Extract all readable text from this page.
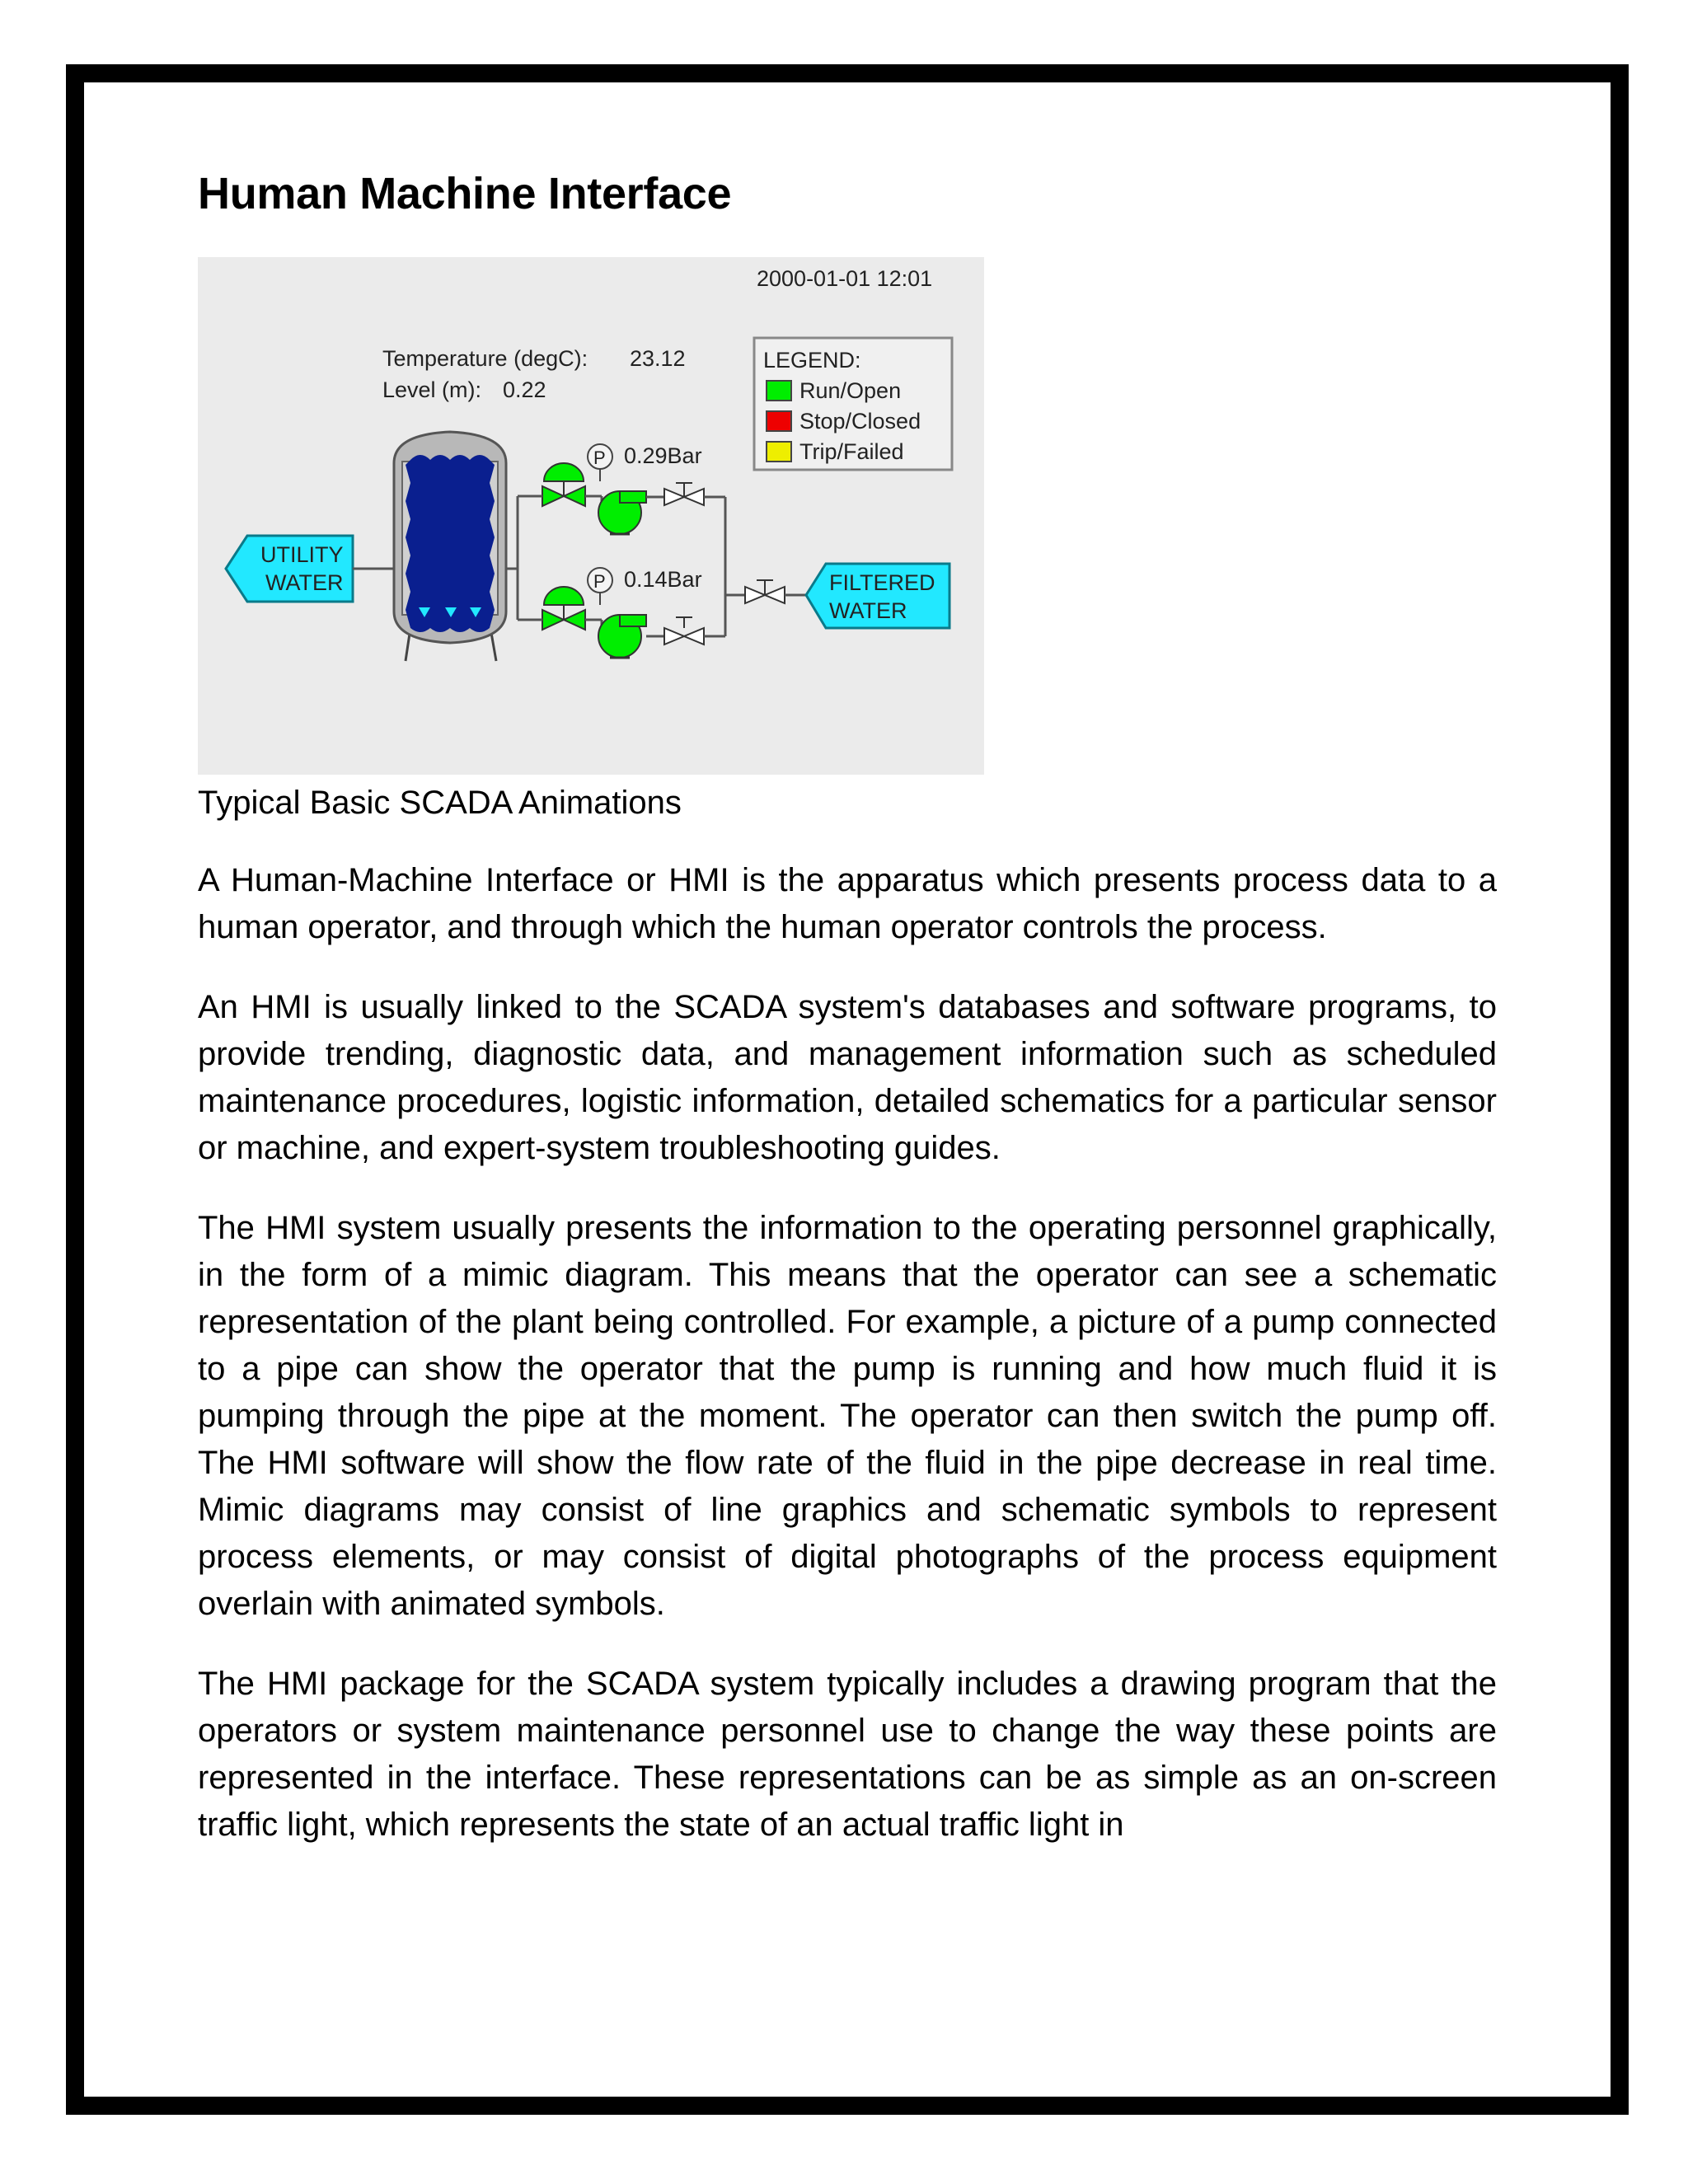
Human Machine Interface
2000-01-01 12:01
Temperature (degC): 23.12
Level (m): 0.22
LEGEND:
Run/Open
Stop/Closed
Trip/Failed
UTILITY
WATER
P 0.29Bar
P 0.14Bar	FILTERED
WATER
Typical Basic SCADA Animations

A Human-Machine Interface or HMI is the apparatus which presents process data to a human operator, and through which the human operator controls the process.

An HMI is usually linked to the SCADA system's databases and software programs, to provide trending, diagnostic data, and management information such as scheduled maintenance procedures, logistic information, detailed schematics for a particular sensor or machine, and expert-system troubleshooting guides.

The HMI system usually presents the information to the operating personnel graphically, in the form of a mimic diagram. This means that the operator can see a schematic representation of the plant being controlled. For example, a picture of a pump connected to a pipe can show the operator that the pump is running and how much fluid it is pumping through the pipe at the moment. The operator can then switch the pump off. The HMI software will show the flow rate of the fluid in the pipe decrease in real time. Mimic diagrams may consist of line graphics and schematic symbols to represent process elements, or may consist of digital photographs of the process equipment overlain with animated symbols.

The HMI package for the SCADA system typically includes a drawing program that the operators or system maintenance personnel use to change the way these points are represented in the interface. These representations can be as simple as an on-screen traffic light, which represents the state of an actual traffic light in
